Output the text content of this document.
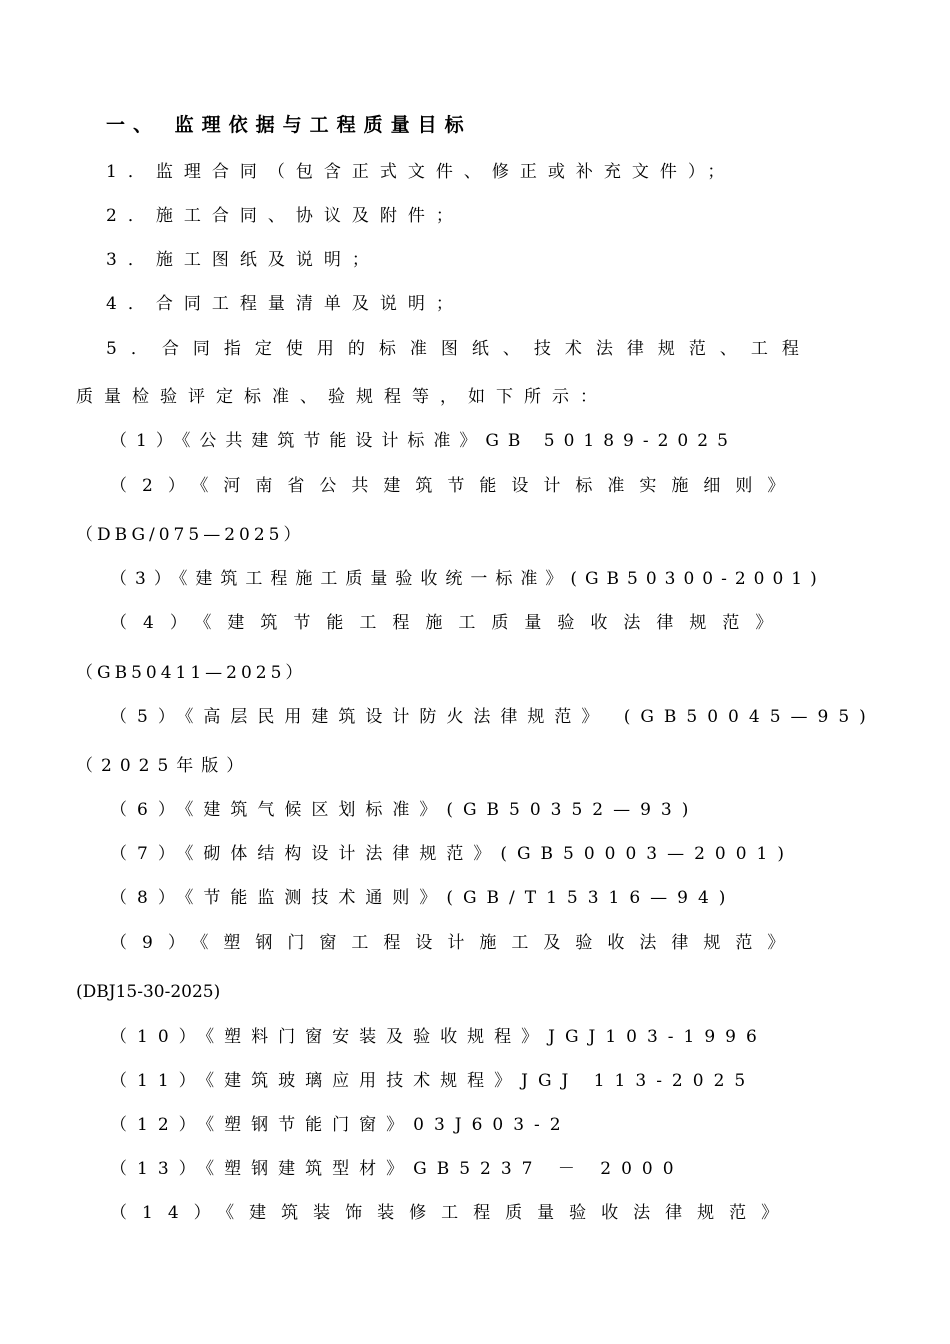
一、 监理依据与工程质量目标
1．监理合同（包含正式文件、修正或补充文件）；
2．施工合同、协议及附件；
3．施工图纸及说明；
4．合同工程量清单及说明；
5．合同指定使用的标准图纸、技术法律规范、工程
质量检验评定标准、验规程等，如下所示：
（1）《公共建筑节能设计标准》GB 50189-2025
（2）《河南省公共建筑节能设计标准实施细则》
（DBG/075—2025）
（3）《建筑工程施工质量验收统一标准》(GB50300-2001)
（4）《建筑节能工程施工质量验收法律规范》
（GB50411—2025）
（5）《高层民用建筑设计防火法律规范》 (GB50045—95)
（2025年版）
（6）《建筑气候区划标准》(GB50352—93)
（7）《砌体结构设计法律规范》(GB50003—2001)
（8）《节能监测技术通则》(GB/T15316—94)
（9）《塑钢门窗工程设计施工及验收法律规范》
(DBJ15-30-2025)
（10）《塑料门窗安装及验收规程》JGJ103-1996
（11）《建筑玻璃应用技术规程》JGJ 113-2025
（12）《塑钢节能门窗》03J603-2
（13）《塑钢建筑型材》GB5237 － 2000
（14）《建筑装饰装修工程质量验收法律规范》
